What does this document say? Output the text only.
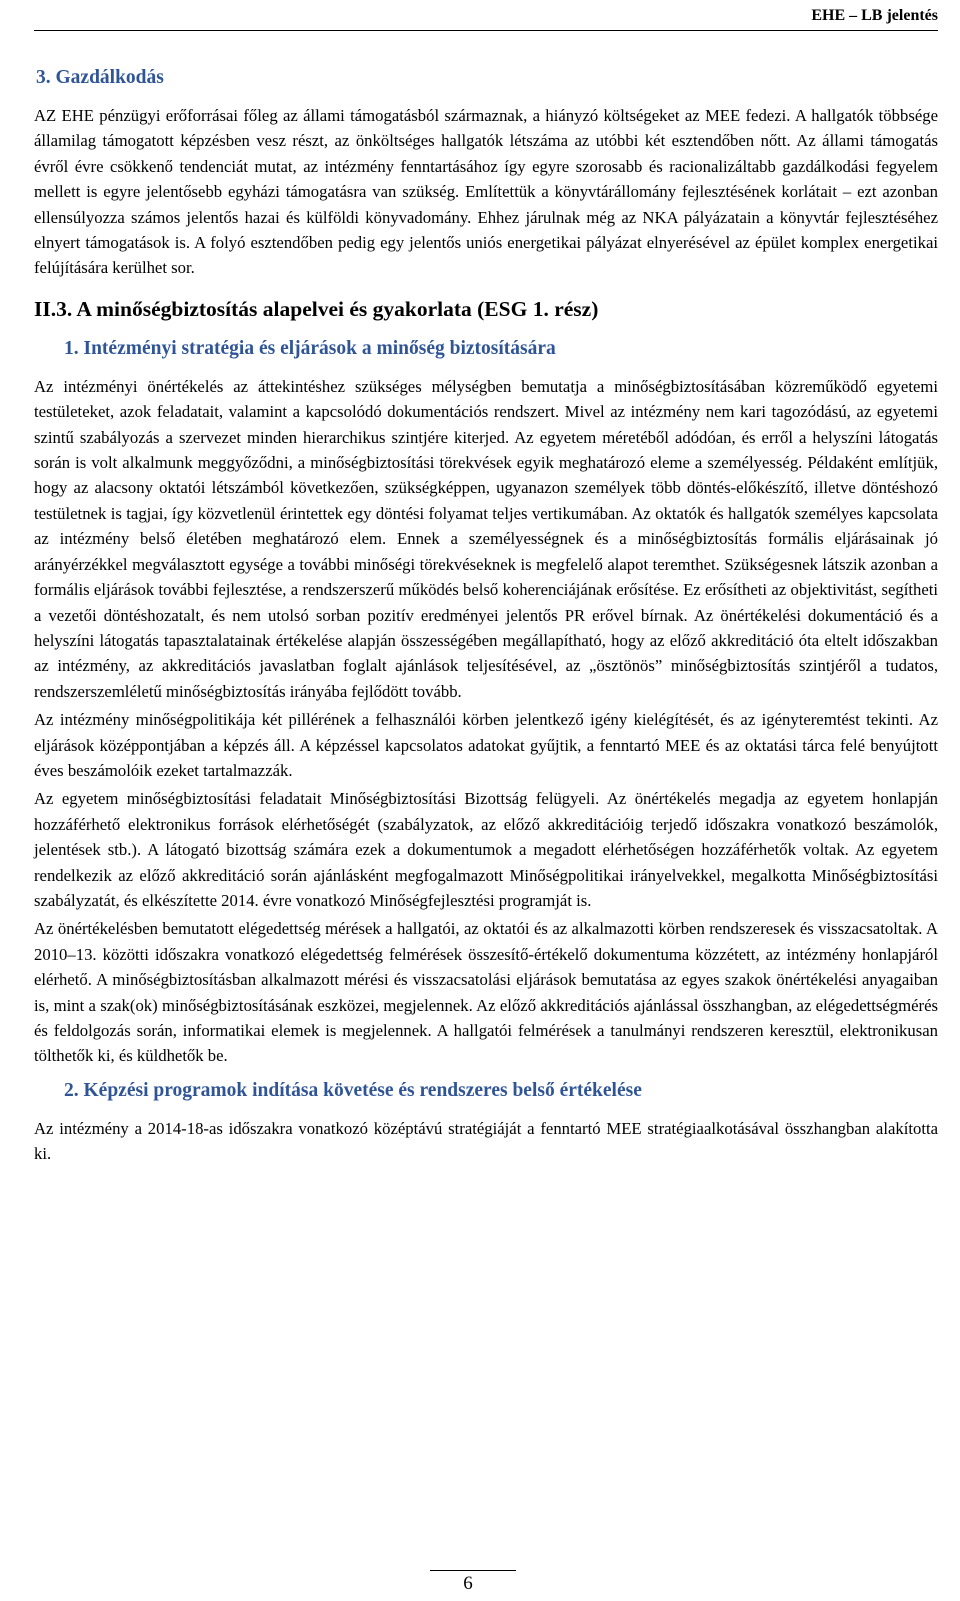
EHE – LB jelentés
3. Gazdálkodás

AZ EHE pénzügyi erőforrásai főleg az állami támogatásból származnak, a hiányzó költségeket az MEE fedezi. A hallgatók többsége államilag támogatott képzésben vesz részt, az önköltséges hallgatók létszáma az utóbbi két esztendőben nőtt. Az állami támogatás évről évre csökkenő tendenciát mutat, az intézmény fenntartásához így egyre szorosabb és racionalizáltabb gazdálkodási fegyelem mellett is egyre jelentősebb egyházi támogatásra van szükség. Említettük a könyvtárállomány fejlesztésének korlátait – ezt azonban ellensúlyozza számos jelentős hazai és külföldi könyvadomány. Ehhez járulnak még az NKA pályázatain a könyvtár fejlesztéséhez elnyert támogatások is. A folyó esztendőben pedig egy jelentős uniós energetikai pályázat elnyerésével az épület komplex energetikai felújítására kerülhet sor.

II.3. A minőségbiztosítás alapelvei és gyakorlata (ESG 1. rész)
1. Intézményi stratégia és eljárások a minőség biztosítására

Az intézményi önértékelés az áttekintéshez szükséges mélységben bemutatja a minőségbiztosításában közreműködő egyetemi testületeket, azok feladatait, valamint a kapcsolódó dokumentációs rendszert. Mivel az intézmény nem kari tagozódású, az egyetemi szintű szabályozás a szervezet minden hierarchikus szintjére kiterjed. Az egyetem méretéből adódóan, és erről a helyszíni látogatás során is volt alkalmunk meggyőződni, a minőségbiztosítási törekvések egyik meghatározó eleme a személyesség. Példaként említjük, hogy az alacsony oktatói létszámból következően, szükségképpen, ugyanazon személyek több döntés-előkészítő, illetve döntéshozó testületnek is tagjai, így közvetlenül érintettek egy döntési folyamat teljes vertikumában. Az oktatók és hallgatók személyes kapcsolata az intézmény belső életében meghatározó elem. Ennek a személyességnek és a minőségbiztosítás formális eljárásainak jó arányérzékkel megválasztott egysége a további minőségi törekvéseknek is megfelelő alapot teremthet. Szükségesnek látszik azonban a formális eljárások további fejlesztése, a rendszerszerű működés belső koherenciájának erősítése. Ez erősítheti az objektivitást, segítheti a vezetői döntéshozatalt, és nem utolsó sorban pozitív eredményei jelentős PR erővel bírnak. Az önértékelési dokumentáció és a helyszíni látogatás tapasztalatainak értékelése alapján összességében megállapítható, hogy az előző akkreditáció óta eltelt időszakban az intézmény, az akkreditációs javaslatban foglalt ajánlások teljesítésével, az „ösztönös” minőségbiztosítás szintjéről a tudatos, rendszerszemléletű minőségbiztosítás irányába fejlődött tovább.

Az intézmény minőségpolitikája két pillérének a felhasználói körben jelentkező igény kielégítését, és az igényteremtést tekinti. Az eljárások középpontjában a képzés áll. A képzéssel kapcsolatos adatokat gyűjtik, a fenntartó MEE és az oktatási tárca felé benyújtott éves beszámolóik ezeket tartalmazzák.

Az egyetem minőségbiztosítási feladatait Minőségbiztosítási Bizottság felügyeli. Az önértékelés megadja az egyetem honlapján hozzáférhető elektronikus források elérhetőségét (szabályzatok, az előző akkreditációig terjedő időszakra vonatkozó beszámolók, jelentések stb.). A látogató bizottság számára ezek a dokumentumok a megadott elérhetőségen hozzáférhetők voltak. Az egyetem rendelkezik az előző akkreditáció során ajánlásként megfogalmazott Minőségpolitikai irányelvekkel, megalkotta Minőségbiztosítási szabályzatát, és elkészítette 2014. évre vonatkozó Minőségfejlesztési programját is.

Az önértékelésben bemutatott elégedettség mérések a hallgatói, az oktatói és az alkalmazotti körben rendszeresek és visszacsatoltak. A 2010–13. közötti időszakra vonatkozó elégedettség felmérések összesítő-értékelő dokumentuma közzétett, az intézmény honlapjáról elérhető. A minőségbiztosításban alkalmazott mérési és visszacsatolási eljárások bemutatása az egyes szakok önértékelési anyagaiban is, mint a szak(ok) minőségbiztosításának eszközei, megjelennek. Az előző akkreditációs ajánlással összhangban, az elégedettségmérés és feldolgozás során, informatikai elemek is megjelennek. A hallgatói felmérések a tanulmányi rendszeren keresztül, elektronikusan tölthetők ki, és küldhetők be.

2. Képzési programok indítása követése és rendszeres belső értékelése

Az intézmény a 2014-18-as időszakra vonatkozó középtávú stratégiáját a fenntartó MEE stratégiaalkotásával összhangban alakította ki.

6
